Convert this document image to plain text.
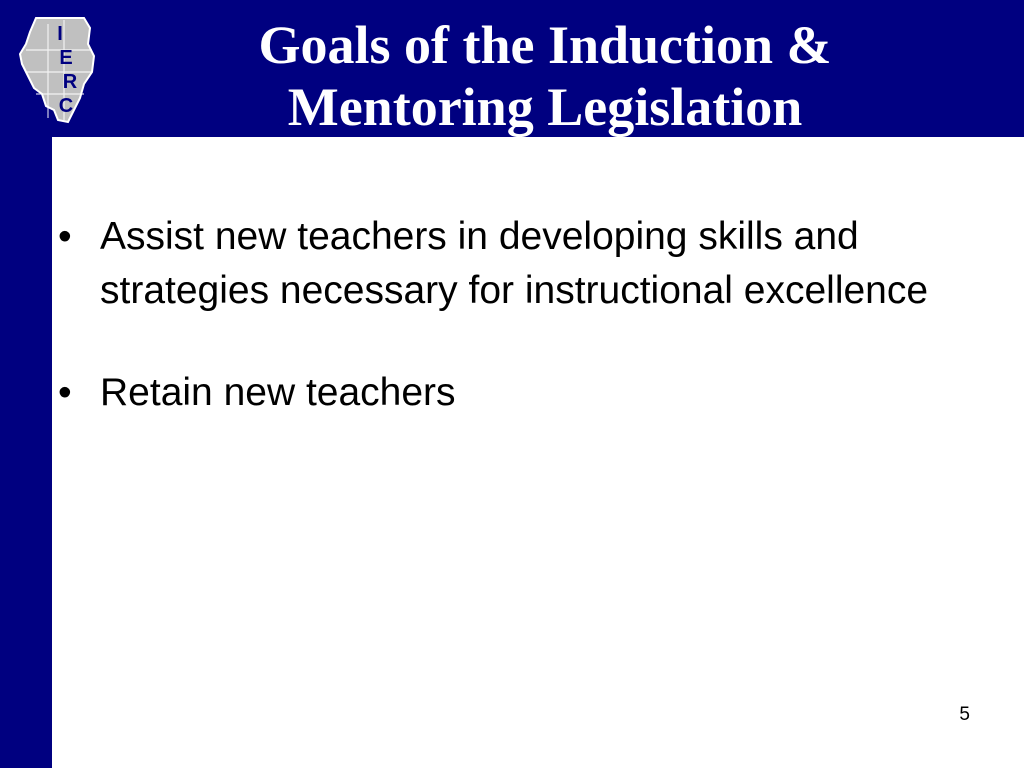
I
E
R
C
Goals of the Induction &
Mentoring Legislation
• Assist new teachers in developing skills and strategies necessary for instructional excellence
• Retain new teachers
5
